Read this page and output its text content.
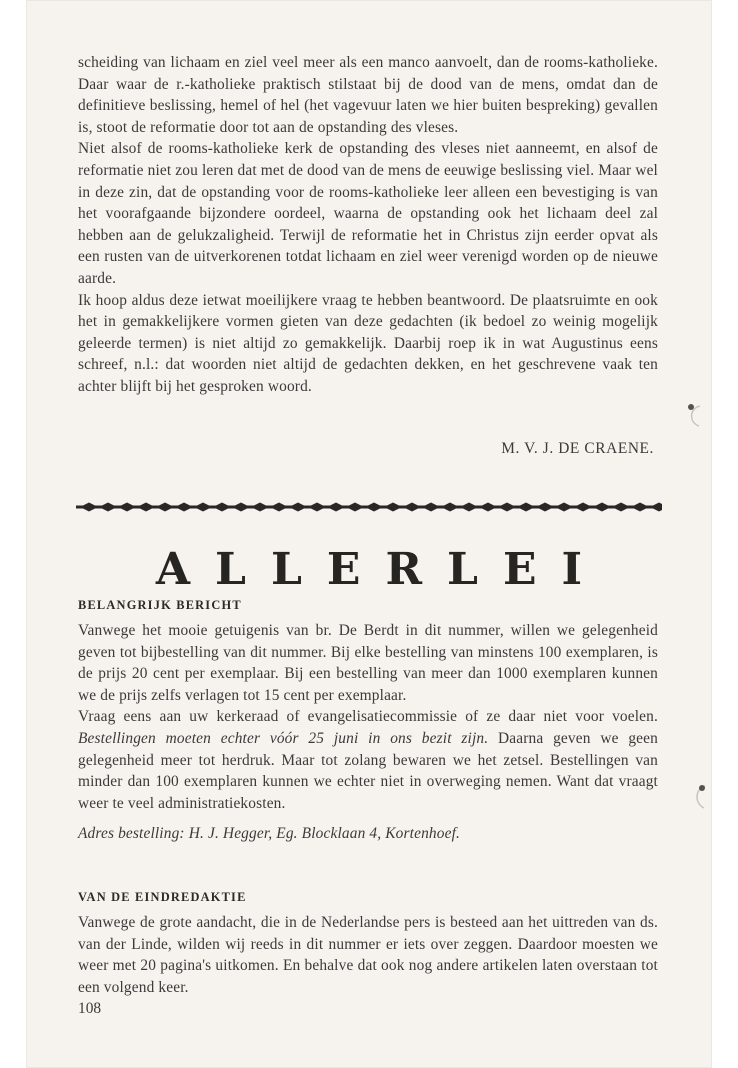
scheiding van lichaam en ziel veel meer als een manco aanvoelt, dan de rooms-katholieke. Daar waar de r.-katholieke praktisch stilstaat bij de dood van de mens, omdat dan de definitieve beslissing, hemel of hel (het vagevuur laten we hier buiten bespreking) gevallen is, stoot de reformatie door tot aan de opstanding des vleses.

Niet alsof de rooms-katholieke kerk de opstanding des vleses niet aanneemt, en alsof de reformatie niet zou leren dat met de dood van de mens de eeuwige beslissing viel. Maar wel in deze zin, dat de opstanding voor de rooms-katholieke leer alleen een bevestiging is van het voorafgaande bijzondere oordeel, waarna de opstanding ook het lichaam deel zal hebben aan de gelukzaligheid. Terwijl de reformatie het in Christus zijn eerder opvat als een rusten van de uitverkorenen totdat lichaam en ziel weer verenigd worden op de nieuwe aarde.

Ik hoop aldus deze ietwat moeilijkere vraag te hebben beantwoord. De plaatsruimte en ook het in gemakkelijkere vormen gieten van deze gedachten (ik bedoel zo weinig mogelijk geleerde termen) is niet altijd zo gemakkelijk. Daarbij roep ik in wat Augustinus eens schreef, n.l.: dat woorden niet altijd de gedachten dekken, en het geschrevene vaak ten achter blijft bij het gesproken woord.

M. V. J. DE CRAENE.
ALLERLEI
BELANGRIJK BERICHT

Vanwege het mooie getuigenis van br. De Berdt in dit nummer, willen we gelegenheid geven tot bijbestelling van dit nummer. Bij elke bestelling van minstens 100 exemplaren, is de prijs 20 cent per exemplaar. Bij een bestelling van meer dan 1000 exemplaren kunnen we de prijs zelfs verlagen tot 15 cent per exemplaar.

Vraag eens aan uw kerkeraad of evangelisatiecommissie of ze daar niet voor voelen. Bestellingen moeten echter vóór 25 juni in ons bezit zijn. Daarna geven we geen gelegenheid meer tot herdruk. Maar tot zolang bewaren we het zetsel. Bestellingen van minder dan 100 exemplaren kunnen we echter niet in overweging nemen. Want dat vraagt weer te veel administratiekosten.

Adres bestelling: H. J. Hegger, Eg. Blocklaan 4, Kortenhoef.

VAN DE EINDREDAKTIE

Vanwege de grote aandacht, die in de Nederlandse pers is besteed aan het uittreden van ds. van der Linde, wilden wij reeds in dit nummer er iets over zeggen. Daardoor moesten we weer met 20 pagina's uitkomen. En behalve dat ook nog andere artikelen laten overstaan tot een volgend keer.

108
